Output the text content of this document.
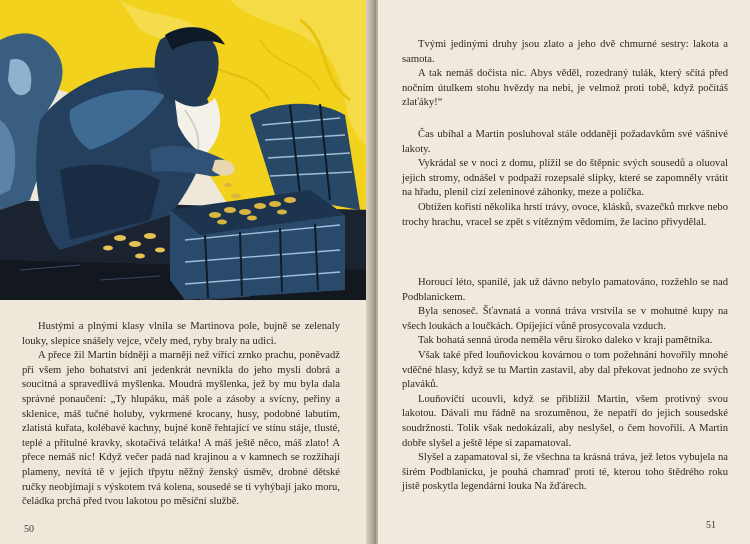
Hustými a plnými klasy vlnila se Martinova pole, bujně se zelenaly louky, slepice snášely vejce, včely med, ryby braly na udici.

A přece žil Martin bídněji a marněji než vířící zrnko prachu, poněvadž při všem jeho bohatství ani jedenkrát nevnikla do jeho mysli dobrá a soucitná a spravedlivá myšlenka. Moudrá myšlenka, jež by mu byla dala správné ponaučení: „Ty hlupáku, máš pole a zásoby a svícny, peřiny a sklenice, máš tučné holuby, vykrmené krocany, husy, podobné labutím, zlatistá kuřata, kolébavé kachny, bujné koně řehtající ve stínu stáje, tlusté, teplé a přítulné kravky, skotačivá telátka! A máš ještě něco, máš zlato! A přece nemáš nic! Když večer padá nad krajinou a v kamnech se rozžíhají plameny, nevítá tě v jejich třpytu něžný ženský úsměv, drobné dětské ručky neobjímají s výskotem tvá kolena, sousedé se ti vyhýbají jako moru, čeládka prchá před tvou lakotou po měsíční službě.

50

Tvými jedinými druhy jsou zlato a jeho dvě chmurné sestry: lakota a samota.

A tak nemáš dočista nic. Abys věděl, rozedraný tulák, který sčítá před nočním útulkem stohu hvězdy na nebi, je velmož proti tobě, když počítáš zlaťáky!“

Čas ubíhal a Martin posluhoval stále oddaněji požadavkům své vášnivé lakoty.

Vykrádal se v noci z domu, plížil se do štěpnic svých sousedů a oluoval jejich stromy, odnášel v podpaží rozepsalé slipky, které se zapomněly vrátit na hřadu, plenil cizí zeleninové záhonky, meze a políčka.

Obtížen kořistí několika hrstí trávy, ovoce, klásků, svazečků mrkve nebo trochy hrachu, vracel se zpět s vítězným vědomím, že lacino přivydělal.

Horoucí léto, spanilé, jak už dávno nebylo pamatováno, rozžehlo se nad Podblanickem.

Byla senoseč. Šťavnatá a vonná tráva vrstvila se v mohutné kupy na všech loukách a loučkách. Opíjející vůně prosycovala vzduch.

Tak bohatá senná úroda neměla věru široko daleko v kraji pamětníka.

Však také před louňovickou kovárnou o tom požehnání hovořily mnohé vděčné hlasy, když se tu Martin zastavil, aby dal překovat jednoho ze svých plaváků.

Louňovičtí ucouvli, když se přiblížil Martin, všem protivný svou lakotou. Dávali mu řádně na srozuměnou, že nepatří do jejich sousedské soudržnosti. Tolik však nedokázali, aby neslyšel, o čem hovořili. A Martin dobře slyšel a ještě lépe si zapamatoval.

Slyšel a zapamatoval si, že všechna ta krásná tráva, jež letos vybujela na širém Podblanicku, je pouhá chamraď proti té, kterou toho štědrého roku jistě poskytla legendární louka Na žďárech.

51
